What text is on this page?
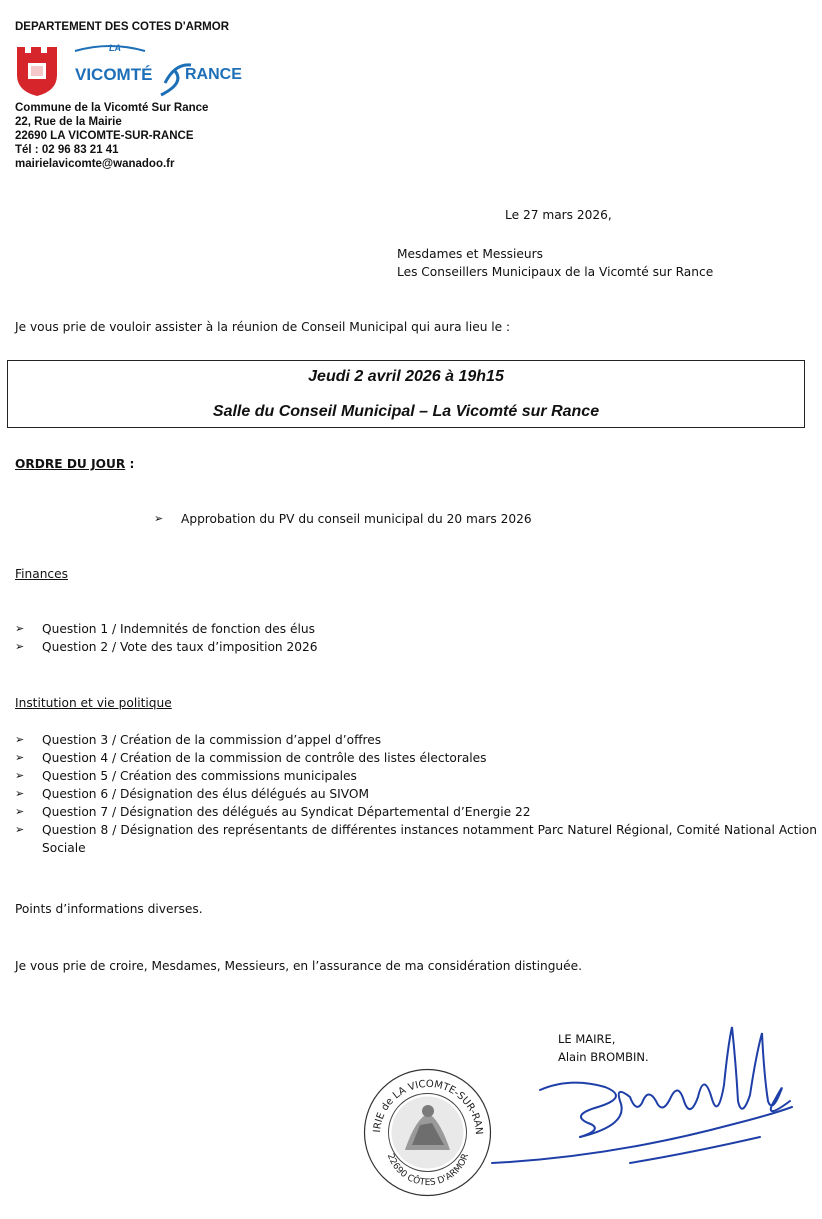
DEPARTEMENT DES COTES D'ARMOR
LA
VICOMTÉ RANCE
Commune de la Vicomté Sur Rance
22, Rue de la Mairie
22690 LA VICOMTE-SUR-RANCE
Tél : 02 96 83 21 41
mairielavicomte@wanadoo.fr
Le 27 mars 2026,
Mesdames et Messieurs
Les Conseillers Municipaux de la Vicomté sur Rance
Je vous prie de vouloir assister à la réunion de Conseil Municipal qui aura lieu le :
Jeudi 2 avril 2026 à 19h15
Salle du Conseil Municipal – La Vicomté sur Rance
ORDRE DU JOUR :
➢ Approbation du PV du conseil municipal du 20 mars 2026
Finances
➢ Question 1 / Indemnités de fonction des élus
➢ Question 2 / Vote des taux d’imposition 2026
Institution et vie politique
➢ Question 3 / Création de la commission d’appel d’offres
➢ Question 4 / Création de la commission de contrôle des listes électorales
➢ Question 5 / Création des commissions municipales
➢ Question 6 / Désignation des élus délégués au SIVOM
➢ Question 7 / Désignation des délégués au Syndicat Départemental d’Energie 22
➢ Question 8 / Désignation des représentants de différentes instances notamment Parc Naturel Régional, Comité National Action Sociale
Points d’informations diverses.
Je vous prie de croire, Mesdames, Messieurs, en l’assurance de ma considération distinguée.
LE MAIRE,
Alain BROMBIN.
IRIE de LA VICOMTE-SUR-RAN
22690 CÔTES D'ARMOR
